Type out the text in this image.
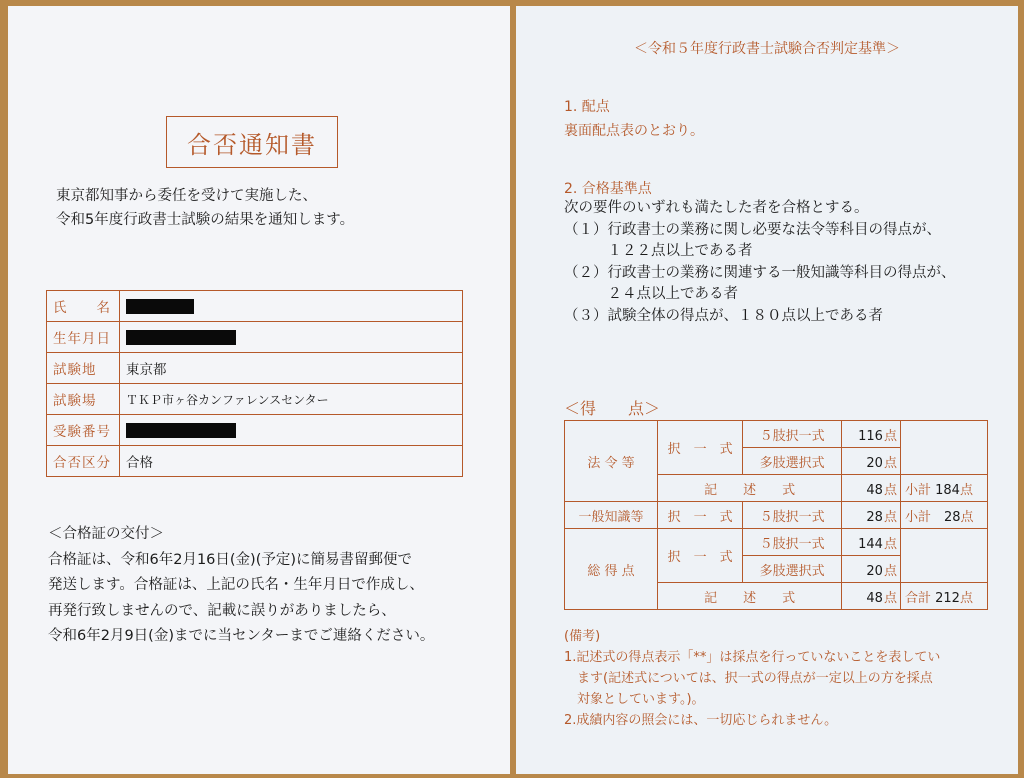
合否通知書
東京都知事から委任を受けて実施した、
令和5年度行政書士試験の結果を通知します。
氏　　名	
生年月日	
試験地	東京都
試験場	ＴＫＰ市ヶ谷カンファレンスセンター
受験番号	
合否区分	合格
＜合格証の交付＞
合格証は、令和6年2月16日(金)(予定)に簡易書留郵便で
発送します。合格証は、上記の氏名・生年月日で作成し、
再発行致しませんので、記載に誤りがありましたら、
令和6年2月9日(金)までに当センターまでご連絡ください。
＜令和５年度行政書士試験合否判定基準＞
1. 配点
裏面配点表のとおり。
2. 合格基準点
次の要件のいずれも満たした者を合格とする。
（１）行政書士の業務に関し必要な法令等科目の得点が、
　　　１２２点以上である者
（２）行政書士の業務に関連する一般知識等科目の得点が、
　　　２４点以上である者
（３）試験全体の得点が、１８０点以上である者
＜得　　点＞
法 令 等	択　一　式	５肢択一式	116点	
		多肢選択式	20点	
	記　　述　　式		48点	小計 184点
一般知識等	択　一　式	５肢択一式	28点	小計　 28点
総 得 点	択　一　式	５肢択一式	144点	
		多肢選択式	20点	
	記　　述　　式		48点	合計 212点
(備考)
1.記述式の得点表示「**」は採点を行っていないことを表してい
　ます(記述式については、択一式の得点が一定以上の方を採点
　対象としています。)。
2.成績内容の照会には、一切応じられません。
